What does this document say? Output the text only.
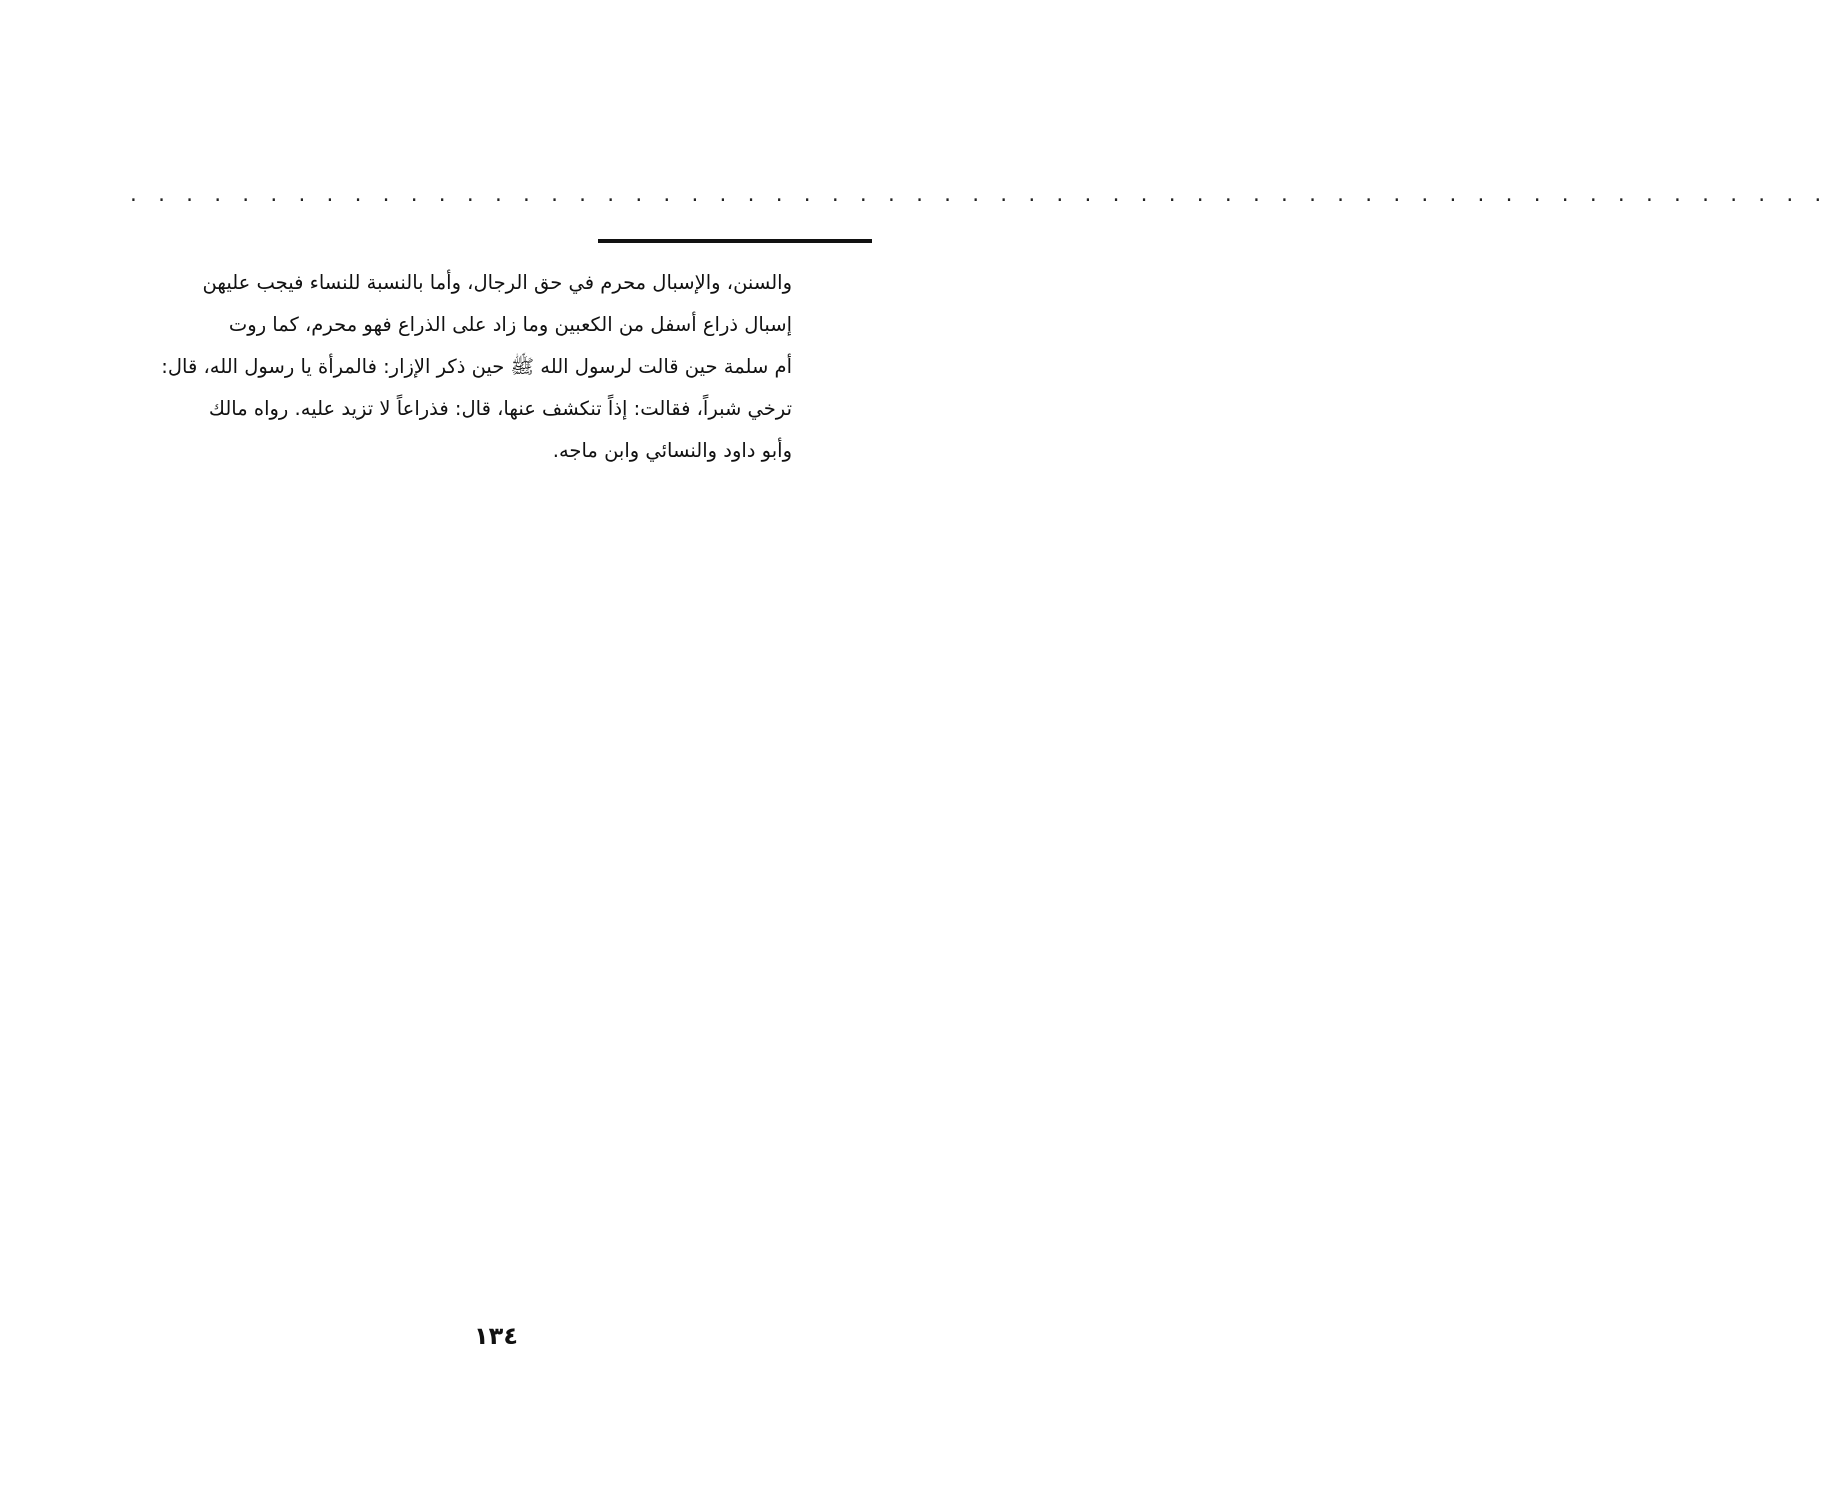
. . . . . . . . . . . . . . . . . . . . . . . . . . . . . . . . . . . . . . . . . . . . . . . . . . . . . . . . . . . . .
والسنن، والإسبال محرم في حق الرجال، وأما بالنسبة للنساء فيجب عليهن
إسبال ذراع أسفل من الكعبين وما زاد على الذراع فهو محرم، كما روت
أم سلمة حين قالت لرسول الله ﷺ حين ذكر الإزار: فالمرأة يا رسول الله، قال:
ترخي شبراً، فقالت: إذاً تنكشف عنها، قال: فذراعاً لا تزيد عليه. رواه مالك
وأبو داود والنسائي وابن ماجه.
١٣٤
